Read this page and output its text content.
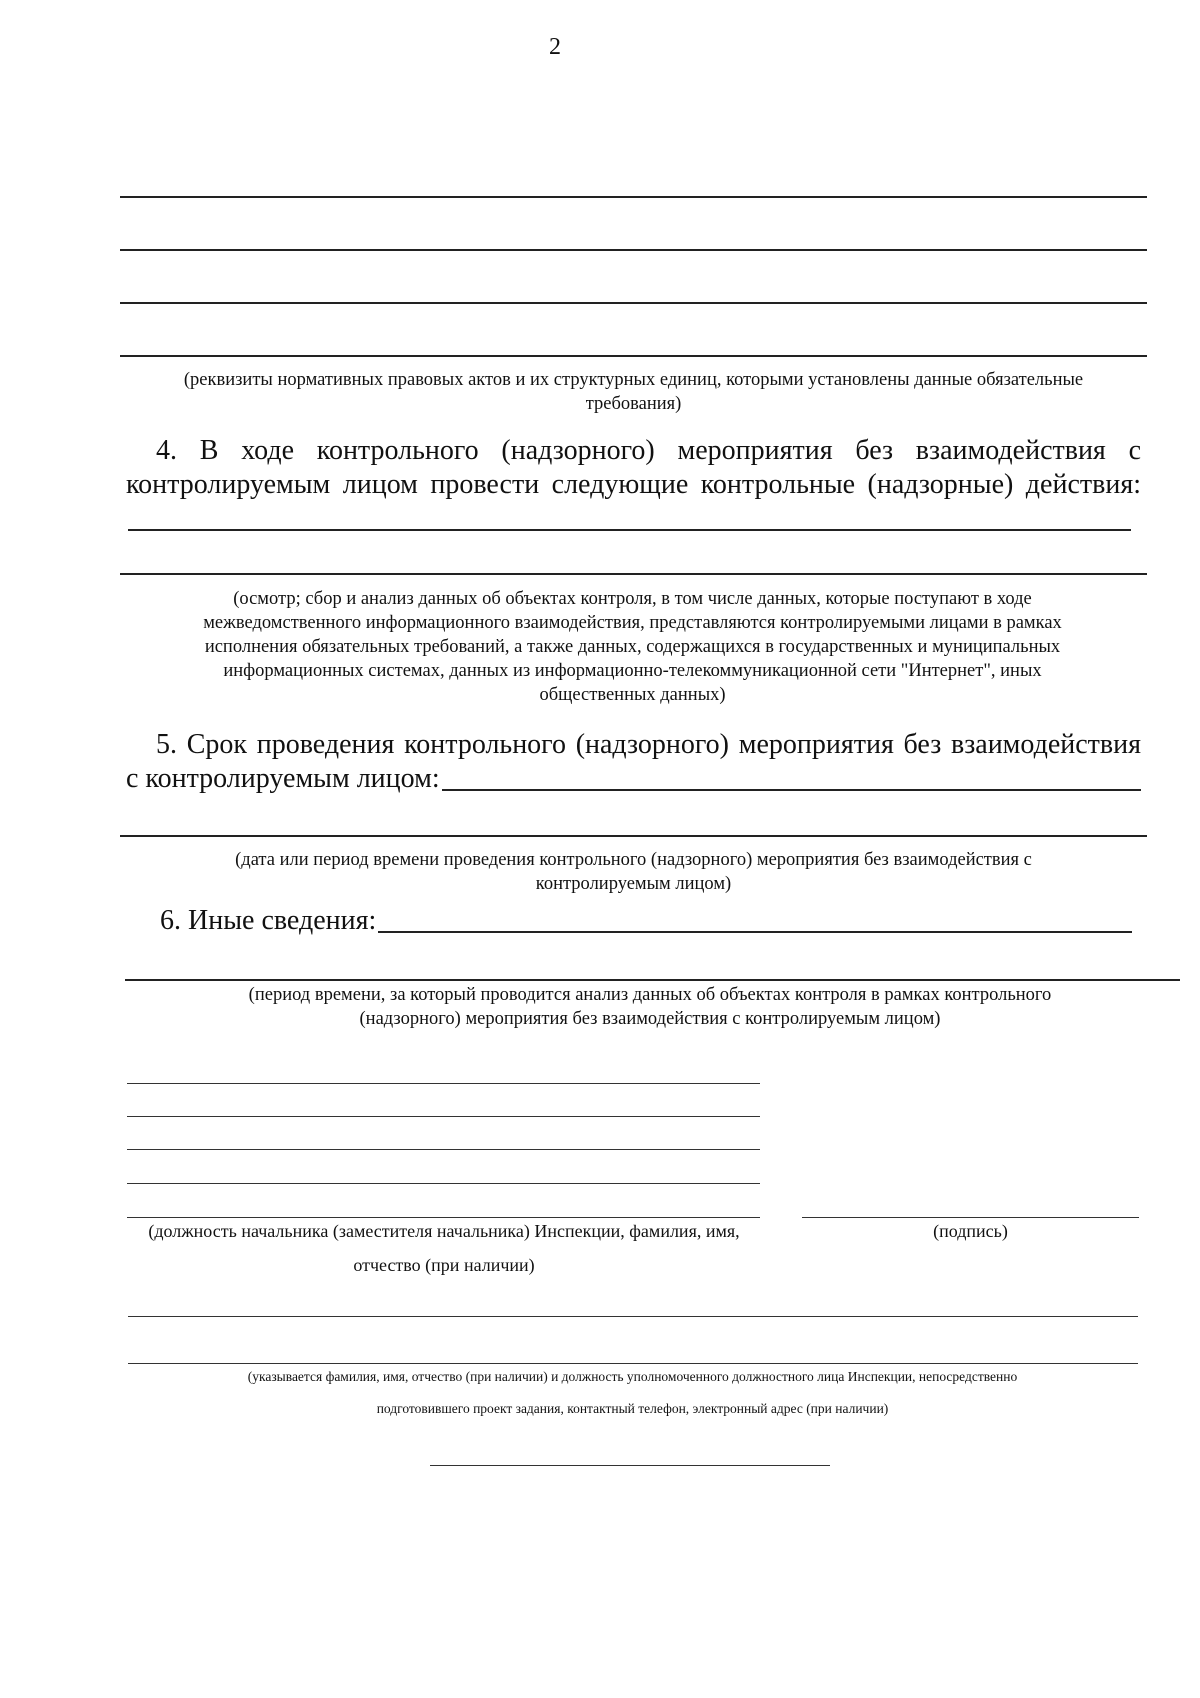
2
(реквизиты нормативных правовых актов и их структурных единиц, которыми установлены данные обязательные
требования)
4. В ходе контрольного (надзорного) мероприятия без взаимодействия с
контролируемым лицом провести следующие контрольные (надзорные) действия:
(осмотр; сбор и анализ данных об объектах контроля, в том числе данных, которые поступают в ходе
межведомственного информационного взаимодействия, представляются контролируемыми лицами в рамках
исполнения обязательных требований, а также данных, содержащихся в государственных и муниципальных
информационных системах, данных из информационно-телекоммуникационной сети "Интернет", иных
общественных данных)
5. Срок проведения контрольного (надзорного) мероприятия без взаимодействия
с контролируемым лицом:
(дата или период времени проведения контрольного (надзорного) мероприятия без взаимодействия с
контролируемым лицом)
6. Иные сведения:
(период времени, за который проводится анализ данных об объектах контроля в рамках контрольного
(надзорного) мероприятия без взаимодействия с контролируемым лицом)
(должность начальника (заместителя начальника) Инспекции, фамилия, имя,
отчество (при наличии)
(подпись)
(указывается фамилия, имя, отчество (при наличии) и должность уполномоченного должностного лица Инспекции, непосредственно
подготовившего проект задания, контактный телефон, электронный адрес (при наличии)
